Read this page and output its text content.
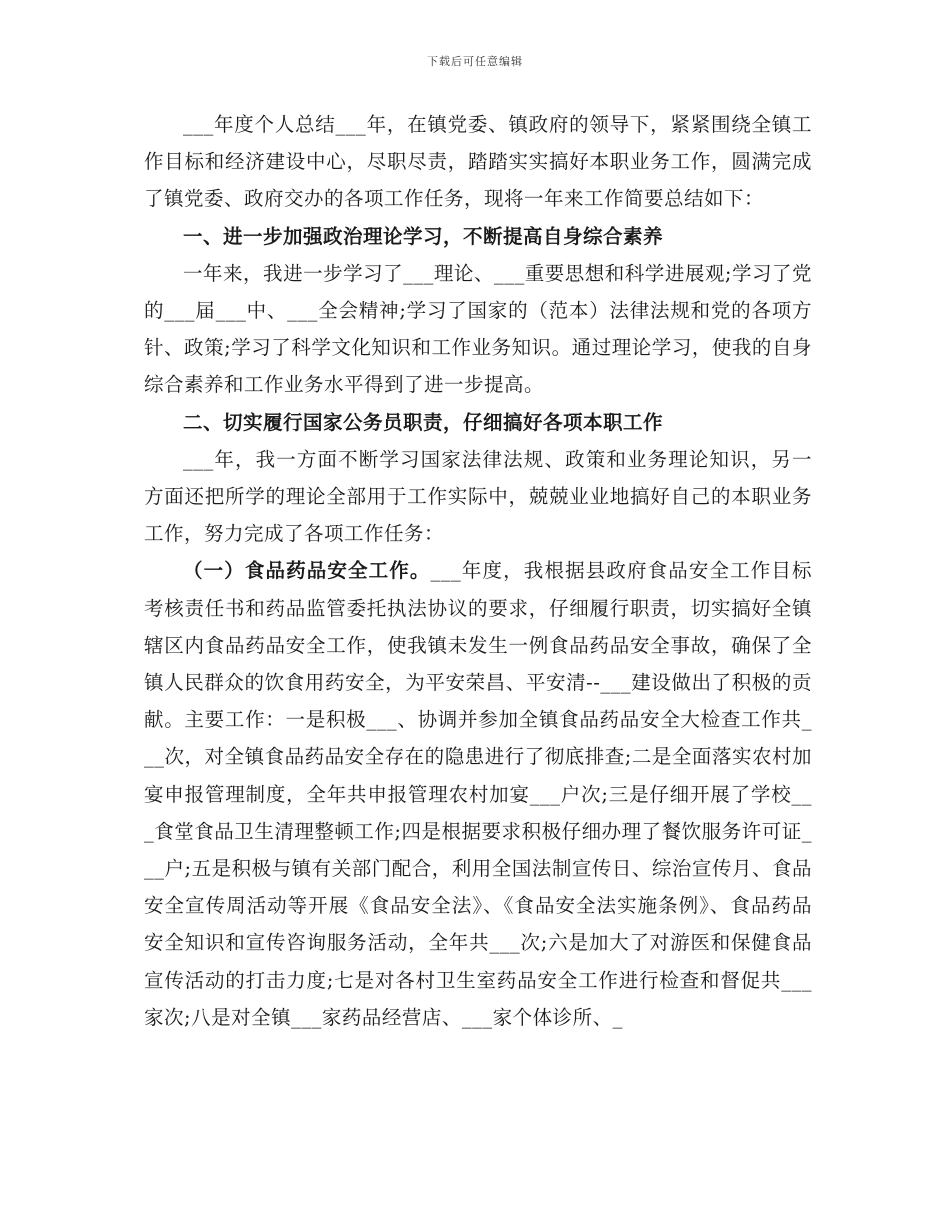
下载后可任意编辑

___年度个人总结___年，在镇党委、镇政府的领导下，紧紧围绕全镇工作目标和经济建设中心，尽职尽责，踏踏实实搞好本职业务工作，圆满完成了镇党委、政府交办的各项工作任务，现将一年来工作简要总结如下：

一、进一步加强政治理论学习，不断提高自身综合素养

一年来，我进一步学习了___理论、___重要思想和科学进展观;学习了党的___届___中、___全会精神;学习了国家的（范本）法律法规和党的各项方针、政策;学习了科学文化知识和工作业务知识。通过理论学习，使我的自身综合素养和工作业务水平得到了进一步提高。

二、切实履行国家公务员职责，仔细搞好各项本职工作

___年，我一方面不断学习国家法律法规、政策和业务理论知识，另一方面还把所学的理论全部用于工作实际中，兢兢业业地搞好自己的本职业务工作，努力完成了各项工作任务：

（一）食品药品安全工作。___年度，我根据县政府食品安全工作目标考核责任书和药品监管委托执法协议的要求，仔细履行职责，切实搞好全镇辖区内食品药品安全工作，使我镇未发生一例食品药品安全事故，确保了全镇人民群众的饮食用药安全，为平安荣昌、平安清--___建设做出了积极的贡献。主要工作：一是积极___、协调并参加全镇食品药品安全大检查工作共___次，对全镇食品药品安全存在的隐患进行了彻底排查;二是全面落实农村加宴申报管理制度，全年共申报管理农村加宴___户次;三是仔细开展了学校___食堂食品卫生清理整顿工作;四是根据要求积极仔细办理了餐饮服务许可证___户;五是积极与镇有关部门配合，利用全国法制宣传日、综治宣传月、食品安全宣传周活动等开展《食品安全法》、《食品安全法实施条例》、食品药品安全知识和宣传咨询服务活动，全年共___次;六是加大了对游医和保健食品宣传活动的打击力度;七是对各村卫生室药品安全工作进行检查和督促共___家次;八是对全镇___家药品经营店、___家个体诊所、_
